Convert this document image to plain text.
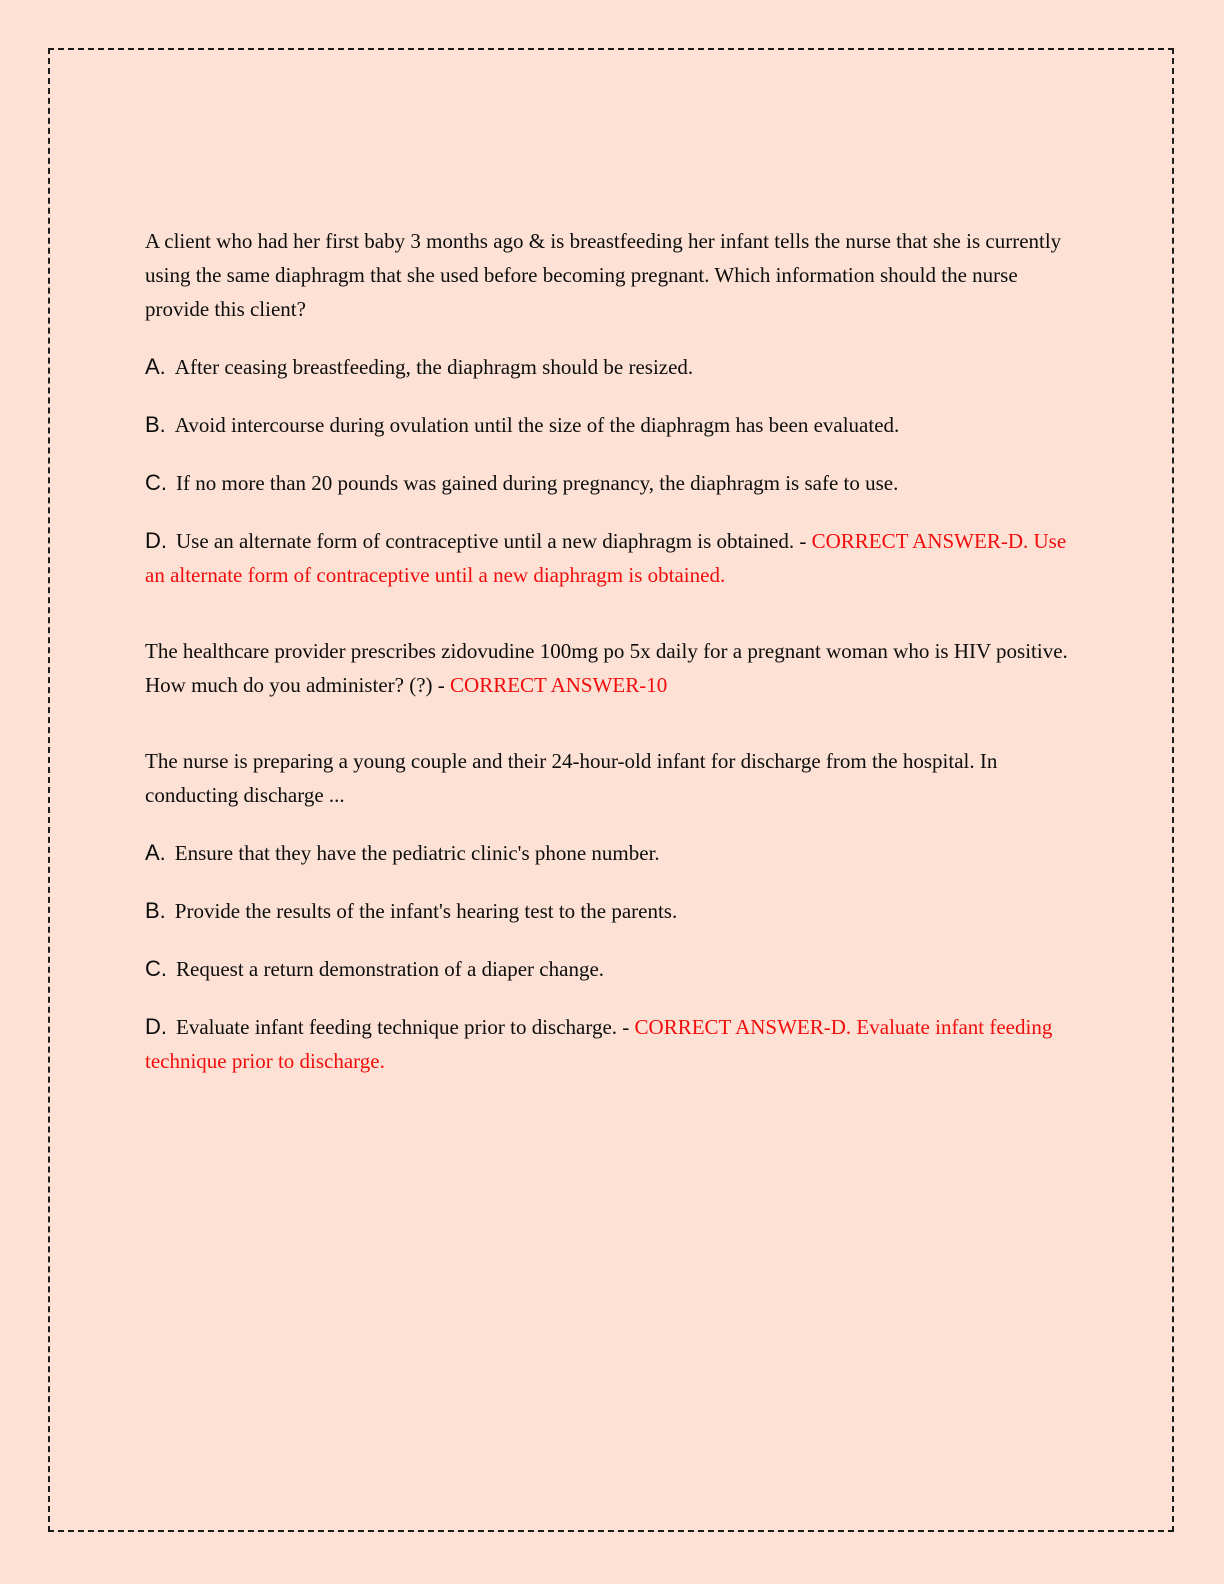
A client who had her first baby 3 months ago & is breastfeeding her infant tells the nurse that she is currently using the same diaphragm that she used before becoming pregnant. Which information should the nurse provide this client?

A. After ceasing breastfeeding, the diaphragm should be resized.

B. Avoid intercourse during ovulation until the size of the diaphragm has been evaluated.

C. If no more than 20 pounds was gained during pregnancy, the diaphragm is safe to use.

D. Use an alternate form of contraceptive until a new diaphragm is obtained. - CORRECT ANSWER-D. Use an alternate form of contraceptive until a new diaphragm is obtained.

The healthcare provider prescribes zidovudine 100mg po 5x daily for a pregnant woman who is HIV positive. How much do you administer? (?) - CORRECT ANSWER-10

The nurse is preparing a young couple and their 24-hour-old infant for discharge from the hospital. In conducting discharge ...

A. Ensure that they have the pediatric clinic's phone number.

B. Provide the results of the infant's hearing test to the parents.

C. Request a return demonstration of a diaper change.

D. Evaluate infant feeding technique prior to discharge. - CORRECT ANSWER-D. Evaluate infant feeding technique prior to discharge.
